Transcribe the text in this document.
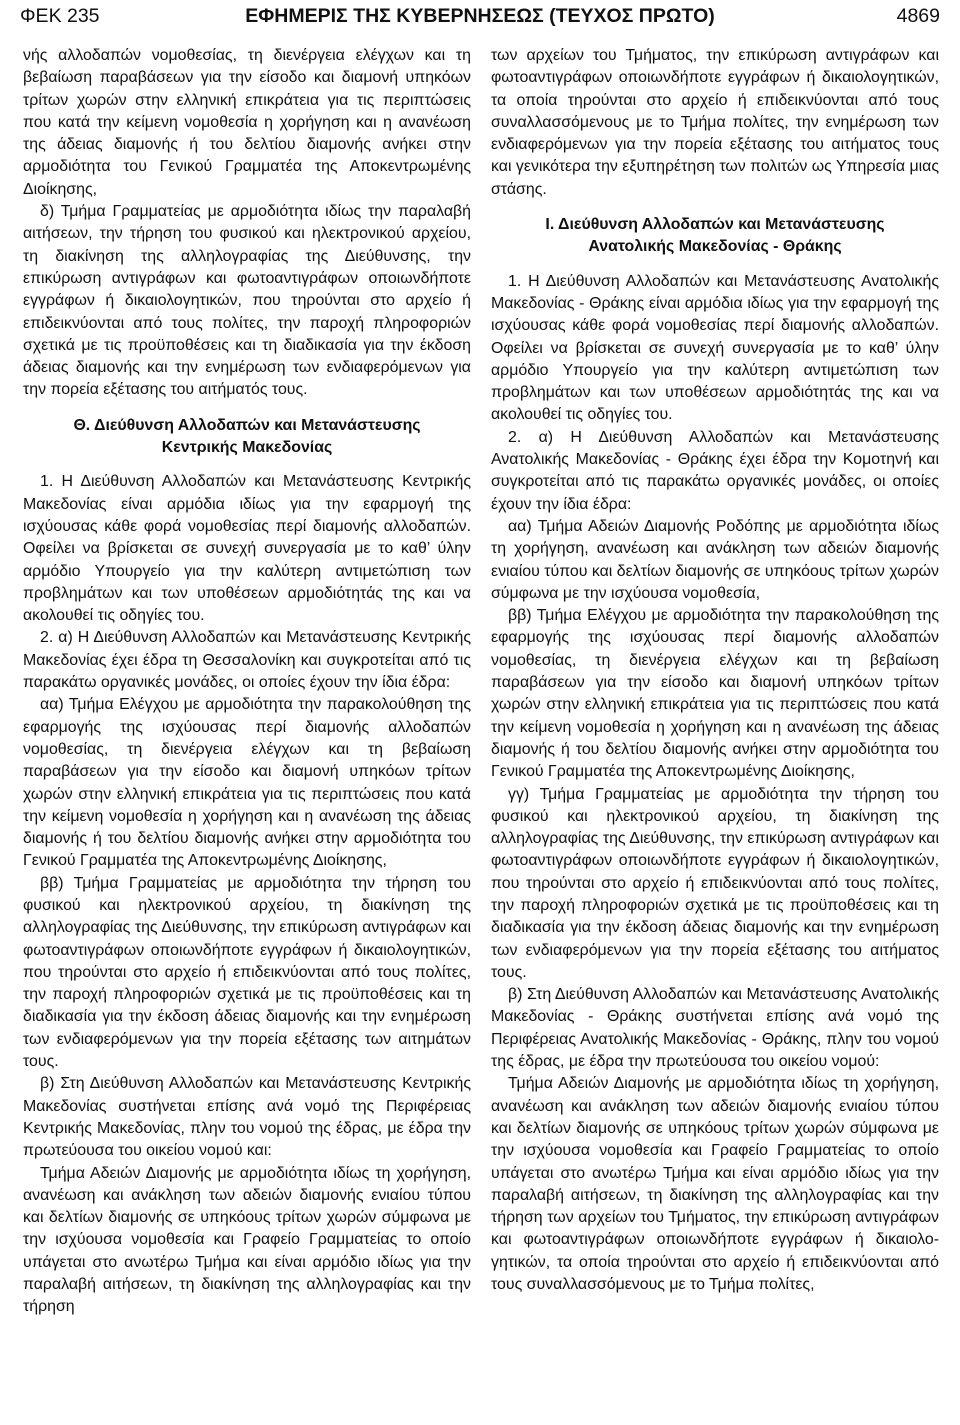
ΕΦΗΜΕΡΙΣ ΤΗΣ ΚΥΒΕΡΝΗΣΕΩΣ (ΤΕΥΧΟΣ ΠΡΩΤΟ)
ΦΕΚ 235	4869

νής αλλοδαπών νομοθεσίας, τη διενέργεια ελέγχων και τη βεβαίωση παραβάσεων για την είσοδο και διαμονή υπηκόων τρίτων χωρών στην ελληνική επικράτεια για τις περιπτώσεις που κατά την κείμενη νομοθεσία η χορήγηση και η ανανέωση της άδειας διαμονής ή του δελτίου διαμονής ανήκει στην αρμοδιότητα του Γενικού Γραμματέα της Αποκεντρωμένης Διοίκησης,

δ) Τμήμα Γραμματείας με αρμοδιότητα ιδίως την παραλαβή αιτήσεων, την τήρηση του φυσικού και ηλεκτρονικού αρχείου, τη διακίνηση της αλληλογραφίας της Διεύθυνσης, την επικύρωση αντιγράφων και φωτοαντιγράφων οποιωνδήποτε εγγράφων ή δικαιολογητικών, που τηρούνται στο αρχείο ή επιδεικνύονται από τους πολίτες, την παροχή πληροφοριών σχετικά με τις προϋποθέσεις και τη διαδικασία για την έκδοση άδειας διαμονής και την ενημέρωση των ενδιαφερόμενων για την πορεία εξέτασης του αιτήματός τους.

Θ. Διεύθυνση Αλλοδαπών και Μετανάστευσης
Κεντρικής Μακεδονίας

1. Η Διεύθυνση Αλλοδαπών και Μετανάστευσης Κεντρικής Μακεδονίας είναι αρμόδια ιδίως για την εφαρμογή της ισχύουσας κάθε φορά νομοθεσίας περί διαμονής αλλοδαπών. Οφείλει να βρίσκεται σε συνεχή συνεργασία με το καθ’ ύλην αρμόδιο Υπουργείο για την καλύτερη αντιμετώπιση των προβλημάτων και των υποθέσεων αρμοδιότητάς της και να ακολουθεί τις οδηγίες του.

2. α) Η Διεύθυνση Αλλοδαπών και Μετανάστευσης Κεντρικής Μακεδονίας έχει έδρα τη Θεσσαλονίκη και συγκροτείται από τις παρακάτω οργανικές μονάδες, οι οποίες έχουν την ίδια έδρα:

αα) Τμήμα Ελέγχου με αρμοδιότητα την παρακολούθηση της εφαρμογής της ισχύουσας περί διαμονής αλλοδαπών νομοθεσίας, τη διενέργεια ελέγχων και τη βεβαίωση παραβάσεων για την είσοδο και διαμονή υπηκόων τρίτων χωρών στην ελληνική επικράτεια για τις περιπτώσεις που κατά την κείμενη νομοθεσία η χορήγηση και η ανανέωση της άδειας διαμονής ή του δελτίου διαμονής ανήκει στην αρμοδιότητα του Γενικού Γραμματέα της Αποκεντρωμένης Διοίκησης,

ββ) Τμήμα Γραμματείας με αρμοδιότητα την τήρηση του φυσικού και ηλεκτρονικού αρχείου, τη διακίνηση της αλληλογραφίας της Διεύθυνσης, την επικύρωση αντιγράφων και φωτοαντιγράφων οποιωνδήποτε εγγράφων ή δικαιολογητικών, που τηρούνται στο αρχείο ή επιδεικνύονται από τους πολίτες, την παροχή πληροφοριών σχετικά με τις προϋποθέσεις και τη διαδικασία για την έκδοση άδειας διαμονής και την ενημέρωση των ενδιαφερόμενων για την πορεία εξέτασης των αιτημάτων τους.

β) Στη Διεύθυνση Αλλοδαπών και Μετανάστευσης Κεντρικής Μακεδονίας συστήνεται επίσης ανά νομό της Περιφέρειας Κεντρικής Μακεδονίας, πλην του νομού της έδρας, με έδρα την πρωτεύουσα του οικείου νομού και:

Τμήμα Αδειών Διαμονής με αρμοδιότητα ιδίως τη χορήγηση, ανανέωση και ανάκληση των αδειών διαμονής ενιαίου τύπου και δελτίων διαμονής σε υπηκόους τρίτων χωρών σύμφωνα με την ισχύουσα νομοθεσία και Γραφείο Γραμματείας το οποίο υπάγεται στο ανωτέρω Τμήμα και είναι αρμόδιο ιδίως για την παραλαβή αιτήσεων, τη διακίνηση της αλληλογραφίας και την τήρηση

των αρχείων του Τμήματος, την επικύρωση αντιγράφων και φωτοαντιγράφων οποιωνδήποτε εγγράφων ή δικαιολογητικών, τα οποία τηρούνται στο αρχείο ή επιδεικνύονται από τους συναλλασσόμενους με το Τμήμα πολίτες, την ενημέρωση των ενδιαφερόμενων για την πορεία εξέτασης του αιτήματος τους και γενικότερα την εξυπηρέτηση των πολιτών ως Υπηρεσία μιας στάσης.

Ι. Διεύθυνση Αλλοδαπών και Μετανάστευσης
Ανατολικής Μακεδονίας - Θράκης

1. Η Διεύθυνση Αλλοδαπών και Μετανάστευσης Ανατολικής Μακεδονίας - Θράκης είναι αρμόδια ιδίως για την εφαρμογή της ισχύουσας κάθε φορά νομοθεσίας περί διαμονής αλλοδαπών. Οφείλει να βρίσκεται σε συνεχή συνεργασία με το καθ’ ύλην αρμόδιο Υπουργείο για την καλύτερη αντιμετώπιση των προβλημάτων και των υποθέσεων αρμοδιότητάς της και να ακολουθεί τις οδηγίες του.

2. α) Η Διεύθυνση Αλλοδαπών και Μετανάστευσης Ανατολικής Μακεδονίας - Θράκης έχει έδρα την Κομοτηνή και συγκροτείται από τις παρακάτω οργανικές μονάδες, οι οποίες έχουν την ίδια έδρα:

αα) Τμήμα Αδειών Διαμονής Ροδόπης με αρμοδιότητα ιδίως τη χορήγηση, ανανέωση και ανάκληση των αδειών διαμονής ενιαίου τύπου και δελτίων διαμονής σε υπηκόους τρίτων χωρών σύμφωνα με την ισχύουσα νομοθεσία,

ββ) Τμήμα Ελέγχου με αρμοδιότητα την παρακολούθηση της εφαρμογής της ισχύουσας περί διαμονής αλλοδαπών νομοθεσίας, τη διενέργεια ελέγχων και τη βεβαίωση παραβάσεων για την είσοδο και διαμονή υπηκόων τρίτων χωρών στην ελληνική επικράτεια για τις περιπτώσεις που κατά την κείμενη νομοθεσία η χορήγηση και η ανανέωση της άδειας διαμονής ή του δελτίου διαμονής ανήκει στην αρμοδιότητα του Γενικού Γραμματέα της Αποκεντρωμένης Διοίκησης,

γγ) Τμήμα Γραμματείας με αρμοδιότητα την τήρηση του φυσικού και ηλεκτρονικού αρχείου, τη διακίνηση της αλληλογραφίας της Διεύθυνσης, την επικύρωση αντιγράφων και φωτοαντιγράφων οποιωνδήποτε εγγράφων ή δικαιολογητικών, που τηρούνται στο αρχείο ή επιδεικνύονται από τους πολίτες, την παροχή πληροφοριών σχετικά με τις προϋποθέσεις και τη διαδικασία για την έκδοση άδειας διαμονής και την ενημέρωση των ενδιαφερόμενων για την πορεία εξέτασης του αιτήματος τους.

β) Στη Διεύθυνση Αλλοδαπών και Μετανάστευσης Ανατολικής Μακεδονίας - Θράκης συστήνεται επίσης ανά νομό της Περιφέρειας Ανατολικής Μακεδονίας - Θράκης, πλην του νομού της έδρας, με έδρα την πρωτεύουσα του οικείου νομού:

Τμήμα Αδειών Διαμονής με αρμοδιότητα ιδίως τη χορήγηση, ανανέωση και ανάκληση των αδειών διαμονής ενιαίου τύπου και δελτίων διαμονής σε υπηκόους τρίτων χωρών σύμφωνα με την ισχύουσα νομοθεσία και Γραφείο Γραμματείας το οποίο υπάγεται στο ανωτέρω Τμήμα και είναι αρμόδιο ιδίως για την παραλαβή αιτήσεων, τη διακίνηση της αλληλογραφίας και την τήρηση των αρχείων του Τμήματος, την επικύρωση αντιγράφων και φωτοαντιγράφων οποιωνδήποτε εγγράφων ή δικαιολογητικών, τα οποία τηρούνται στο αρχείο ή επιδεικνύονται από τους συναλλασσόμενους με το Τμήμα πολίτες,
